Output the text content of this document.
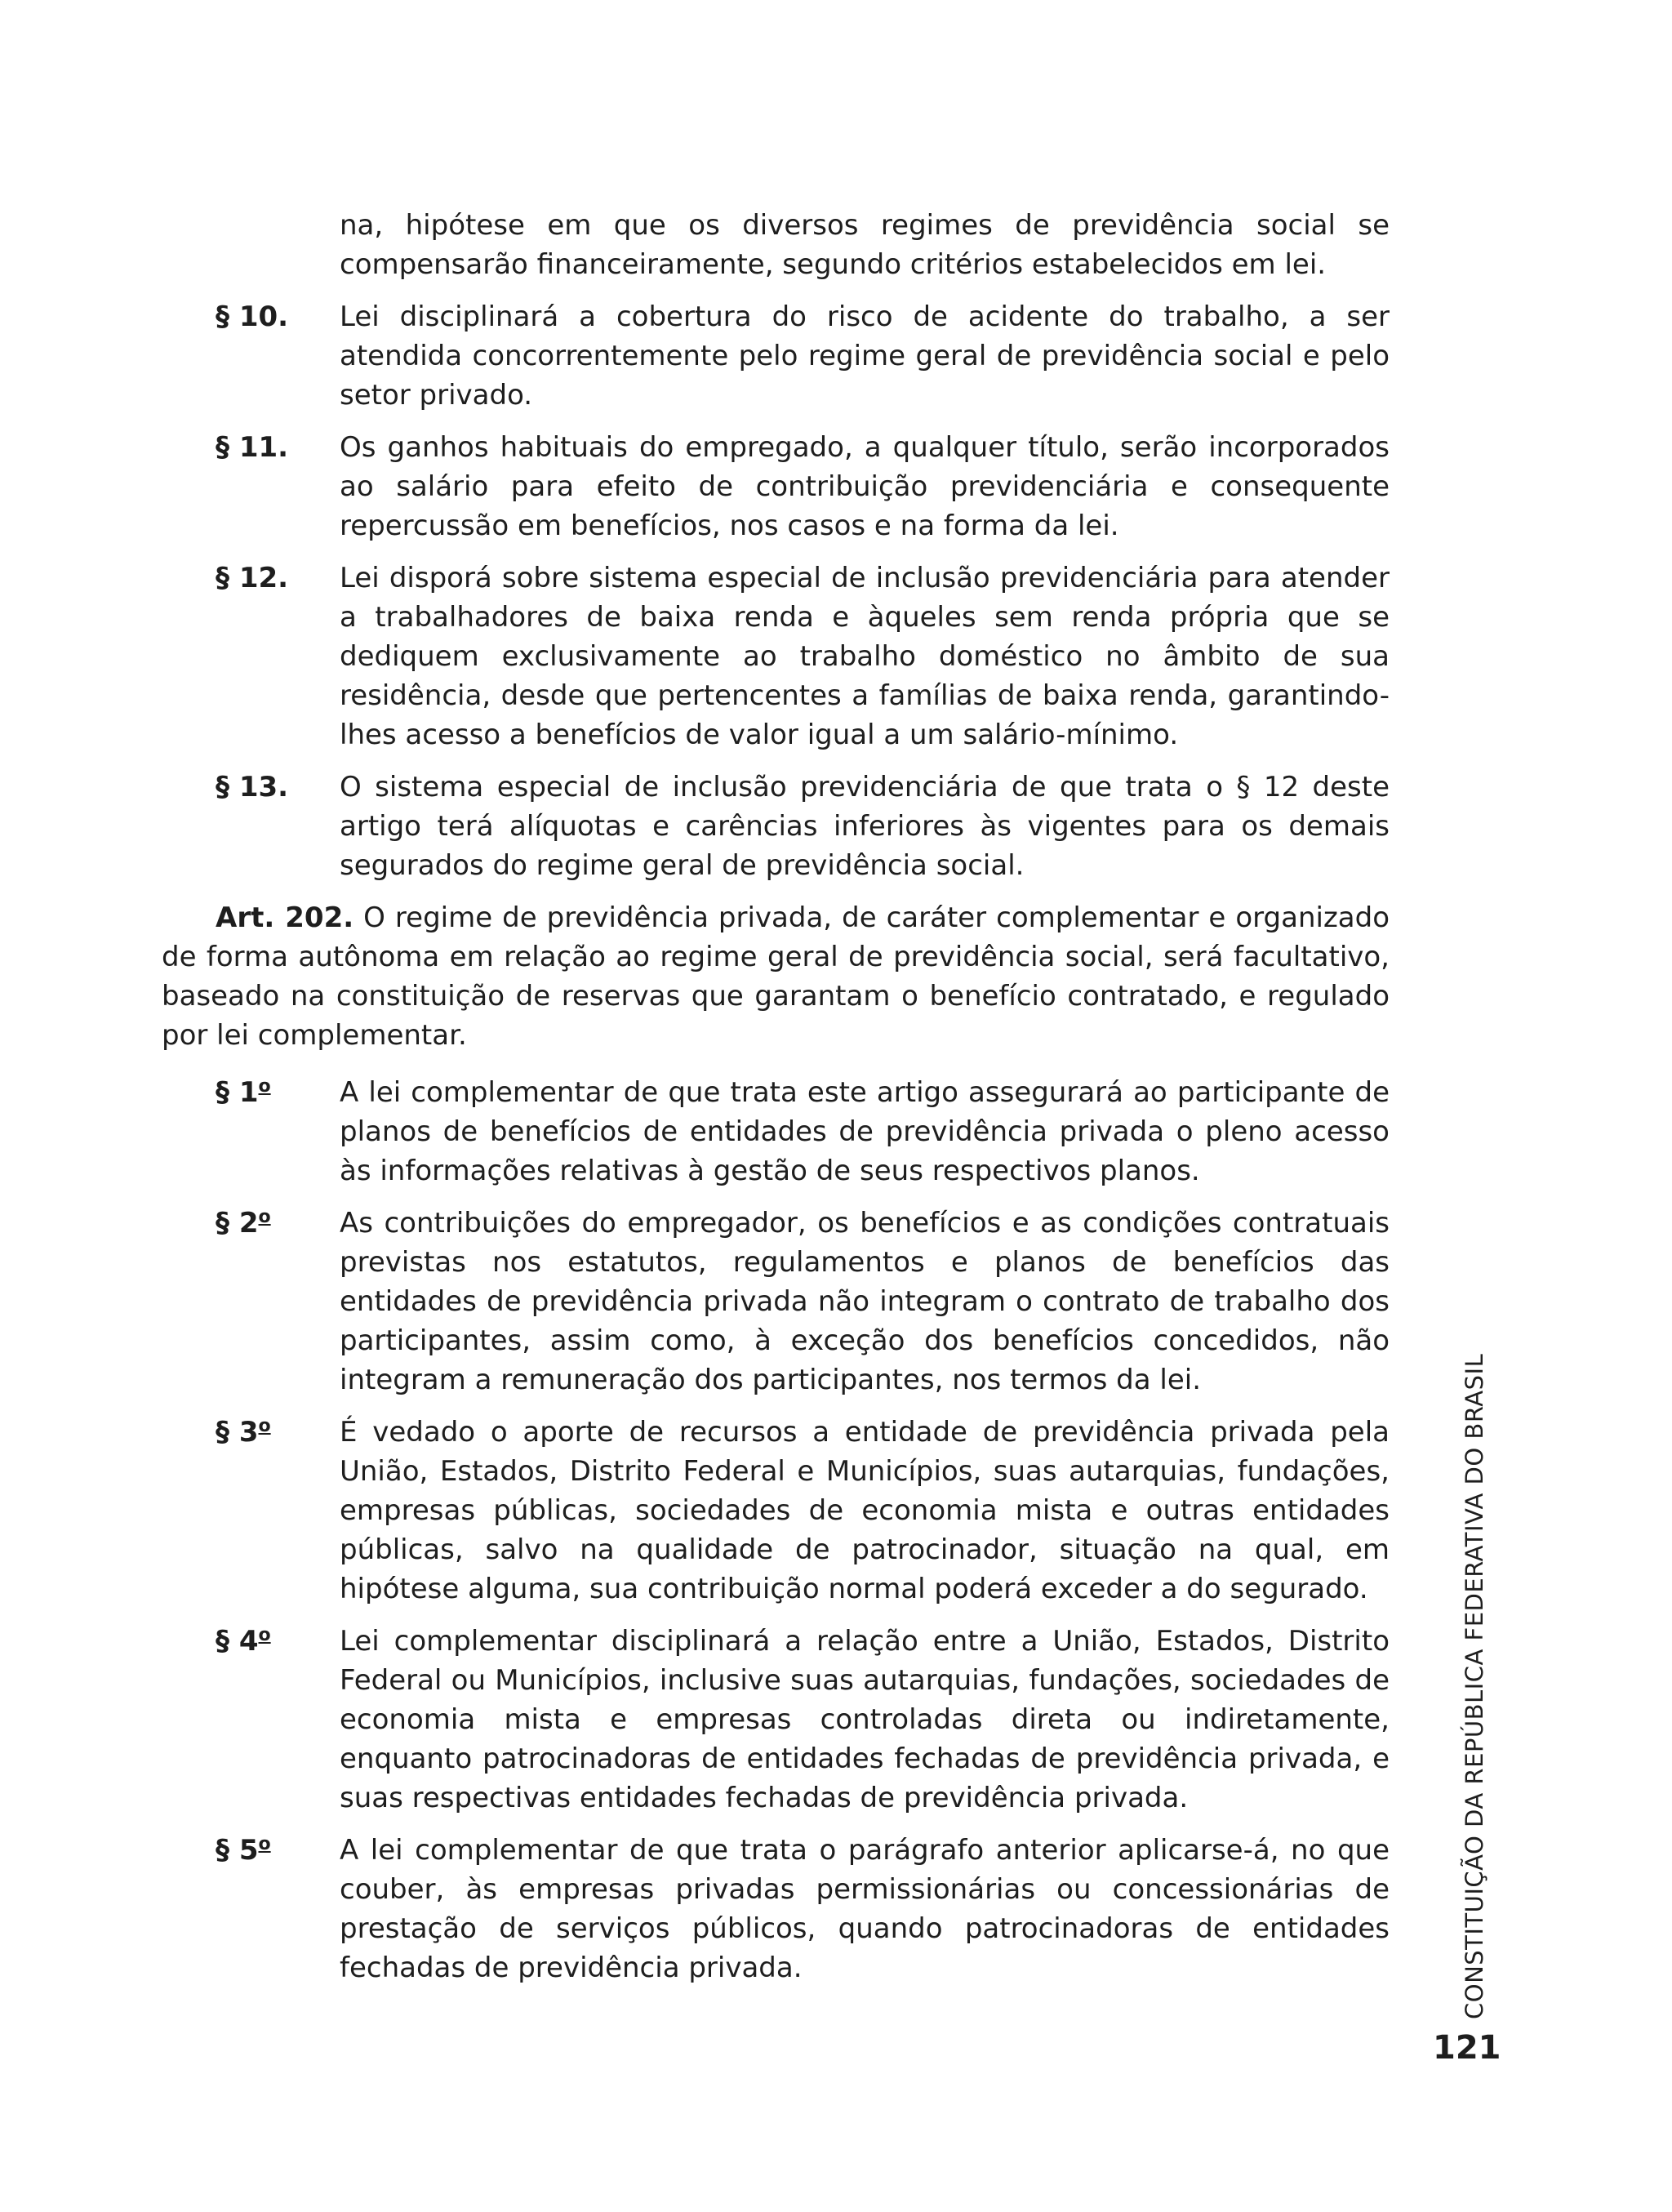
na, hipótese em que os diversos regimes de previdência social se compensarão financeiramente, segundo critérios estabelecidos em lei.
§ 10.	Lei disciplinará a cobertura do risco de acidente do trabalho, a ser atendida concorrentemente pelo regime geral de previdência social e pelo setor privado.
§ 11.	Os ganhos habituais do empregado, a qualquer título, serão incorporados ao salário para efeito de contribuição previdenciária e consequente repercussão em benefícios, nos casos e na forma da lei.
§ 12.	Lei disporá sobre sistema especial de inclusão previdenciária para atender a trabalhadores de baixa renda e àqueles sem renda própria que se dediquem exclusivamente ao trabalho doméstico no âmbito de sua residência, desde que pertencentes a famílias de baixa renda, garantindo-lhes acesso a benefícios de valor igual a um salário-mínimo.
§ 13.	O sistema especial de inclusão previdenciária de que trata o § 12 deste artigo terá alíquotas e carências inferiores às vigentes para os demais segurados do regime geral de previdência social.
Art. 202. O regime de previdência privada, de caráter complementar e organizado de forma autônoma em relação ao regime geral de previdência social, será facultativo, baseado na constituição de reservas que garantam o benefício contratado, e regulado por lei complementar.
§ 1$^o$	A lei complementar de que trata este artigo assegurará ao participante de planos de benefícios de entidades de previdência privada o pleno acesso às informações relativas à gestão de seus respectivos planos.
§ 2$^o$	As contribuições do empregador, os benefícios e as condições contratuais previstas nos estatutos, regulamentos e planos de benefícios das entidades de previdência privada não integram o contrato de trabalho dos participantes, assim como, à exceção dos benefícios concedidos, não integram a remuneração dos participantes, nos termos da lei.
§ 3$^o$	É vedado o aporte de recursos a entidade de previdência privada pela União, Estados, Distrito Federal e Municípios, suas autarquias, fundações, empresas públicas, sociedades de economia mista e outras entidades públicas, salvo na qualidade de patrocinador, situação na qual, em hipótese alguma, sua contribuição normal poderá exceder a do segurado.
§ 4$^o$	Lei complementar disciplinará a relação entre a União, Estados, Distrito Federal ou Municípios, inclusive suas autarquias, fundações, sociedades de economia mista e empresas controladas direta ou indiretamente, enquanto patrocinadoras de entidades fechadas de previdência privada, e suas respectivas entidades fechadas de previdência privada.
§ 5$^o$	A lei complementar de que trata o parágrafo anterior aplicarse-á, no que couber, às empresas privadas permissionárias ou concessionárias de prestação de serviços públicos, quando patrocinadoras de entidades fechadas de previdência privada.	CONSTITUIÇÃO DA REPÚBLICA FEDERATIVA DO BRASIL
121
